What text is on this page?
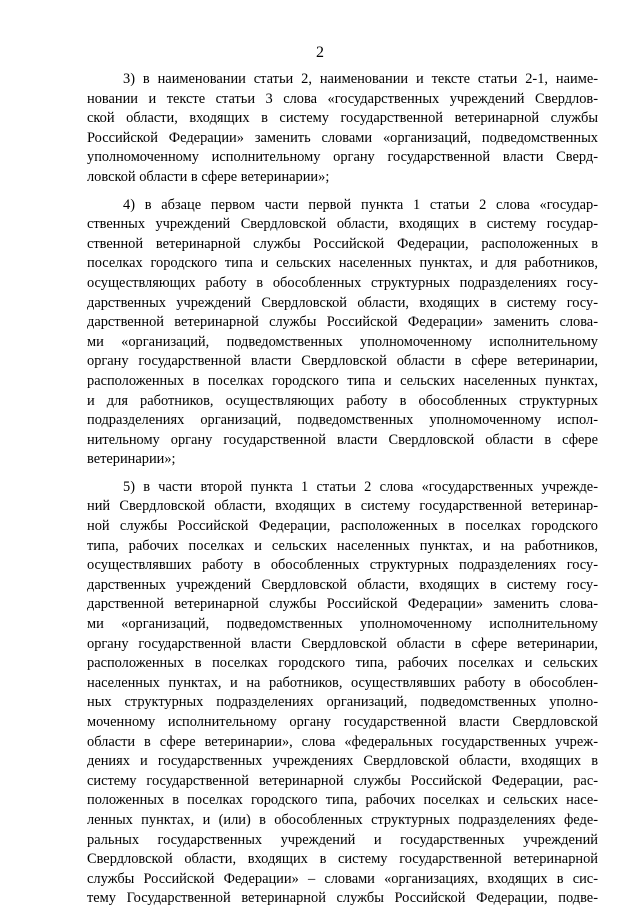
2

3) в наименовании статьи 2, наименовании и тексте статьи 2-1, наиме-
новании и тексте статьи 3 слова «государственных учреждений Свердлов-
ской области, входящих в систему государственной ветеринарной службы
Российской Федерации» заменить словами «организаций, подведомственных
уполномоченному исполнительному органу государственной власти Сверд-
ловской области в сфере ветеринарии»;

4) в абзаце первом части первой пункта 1 статьи 2 слова «государ-
ственных учреждений Свердловской области, входящих в систему государ-
ственной ветеринарной службы Российской Федерации, расположенных в
поселках городского типа и сельских населенных пунктах, и для работников,
осуществляющих работу в обособленных структурных подразделениях госу-
дарственных учреждений Свердловской области, входящих в систему госу-
дарственной ветеринарной службы Российской Федерации» заменить слова-
ми «организаций, подведомственных уполномоченному исполнительному
органу государственной власти Свердловской области в сфере ветеринарии,
расположенных в поселках городского типа и сельских населенных пунктах,
и для работников, осуществляющих работу в обособленных структурных
подразделениях организаций, подведомственных уполномоченному испол-
нительному органу государственной власти Свердловской области в сфере
ветеринарии»;

5) в части второй пункта 1 статьи 2 слова «государственных учрежде-
ний Свердловской области, входящих в систему государственной ветеринар-
ной службы Российской Федерации, расположенных в поселках городского
типа, рабочих поселках и сельских населенных пунктах, и на работников,
осуществлявших работу в обособленных структурных подразделениях госу-
дарственных учреждений Свердловской области, входящих в систему госу-
дарственной ветеринарной службы Российской Федерации» заменить слова-
ми «организаций, подведомственных уполномоченному исполнительному
органу государственной власти Свердловской области в сфере ветеринарии,
расположенных в поселках городского типа, рабочих поселках и сельских
населенных пунктах, и на работников, осуществлявших работу в обособлен-
ных структурных подразделениях организаций, подведомственных уполно-
моченному исполнительному органу государственной власти Свердловской
области в сфере ветеринарии», слова «федеральных государственных учреж-
дениях и государственных учреждениях Свердловской области, входящих в
систему государственной ветеринарной службы Российской Федерации, рас-
положенных в поселках городского типа, рабочих поселках и сельских насе-
ленных пунктах, и (или) в обособленных структурных подразделениях феде-
ральных государственных учреждений и государственных учреждений
Свердловской области, входящих в систему государственной ветеринарной
службы Российской Федерации» – словами «организациях, входящих в сис-
тему Государственной ветеринарной службы Российской Федерации, подве-
